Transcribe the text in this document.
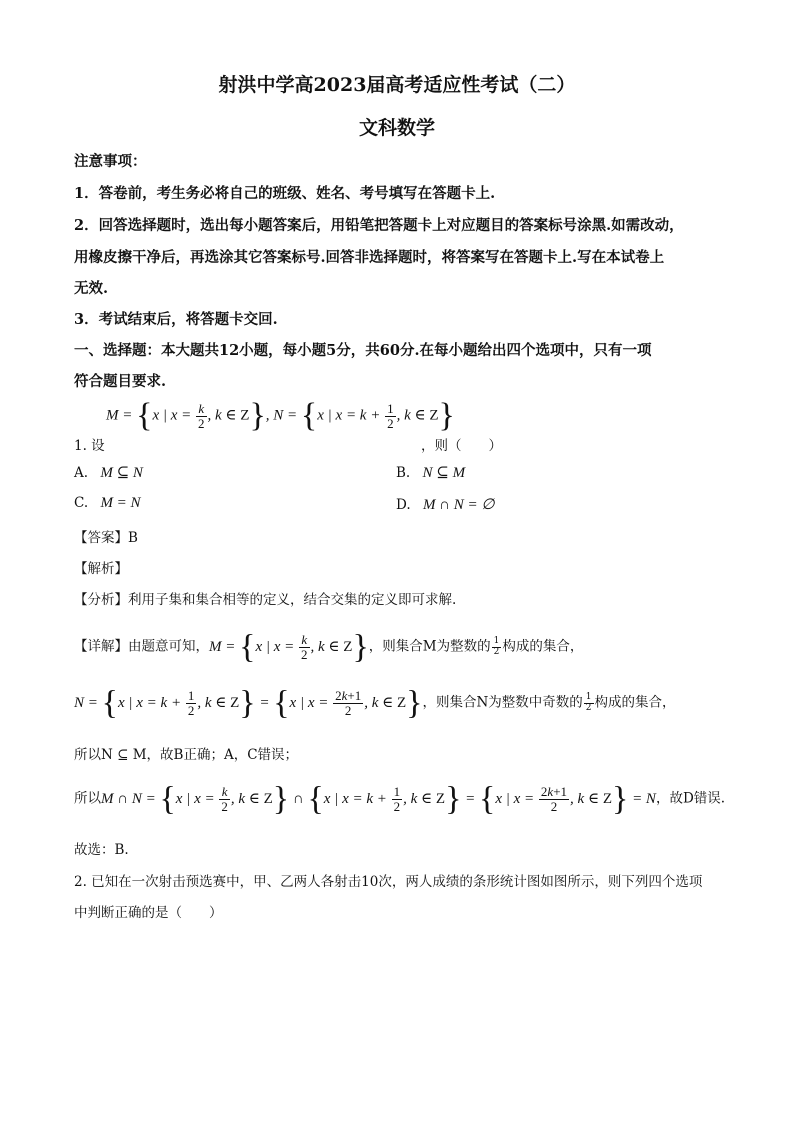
射洪中学高2023届高考适应性考试（二）
文科数学
注意事项：
1．答卷前，考生务必将自己的班级、姓名、考号填写在答题卡上.
2．回答选择题时，选出每小题答案后，用铅笔把答题卡上对应题目的答案标号涂黑.如需改动，
用橡皮擦干净后，再选涂其它答案标号.回答非选择题时，将答案写在答题卡上.写在本试卷上
无效.
3．考试结束后，将答题卡交回.
一、选择题：本大题共12小题，每小题5分，共60分.在每小题给出四个选项中，只有一项
符合题目要求.
M = {x | $x = \frac{k}{2}$ , k ∈ Z}, N = {x | $x = k + \frac{1}{2}$ , k ∈ Z}
1. 设	，则（　　）
A. M ⊆ N	B. N ⊆ M
C. M = N	D. M ∩ N = ∅
【答案】B
【解析】
【分析】利用子集和集合相等的定义，结合交集的定义即可求解.
【详解】由题意可知，M = {x | $x = \frac{k}{2}$ , k ∈ Z}，则集合M为整数的 $\frac{1}{2}$ 构成的集合，
N = {x | $x = k + \frac{1}{2}$ , k ∈ Z} = {x | $x = \frac{2k+1}{2}$ , k ∈ Z}，则集合N为整数中奇数的 $\frac{1}{2}$ 构成的集合，
所以N ⊆ M，故B正确；A，C错误；
所以M ∩ N = {x | $x = \frac{k}{2}$ , k ∈ Z} ∩ {x | $x = k + \frac{1}{2}$ , k ∈ Z} = {x | $x = \frac{2k+1}{2}$ , k ∈ Z} = N，故D错误.
故选：B.
2. 已知在一次射击预选赛中，甲、乙两人各射击10次，两人成绩的条形统计图如图所示，则下列四个选项
中判断正确的是（　　）
